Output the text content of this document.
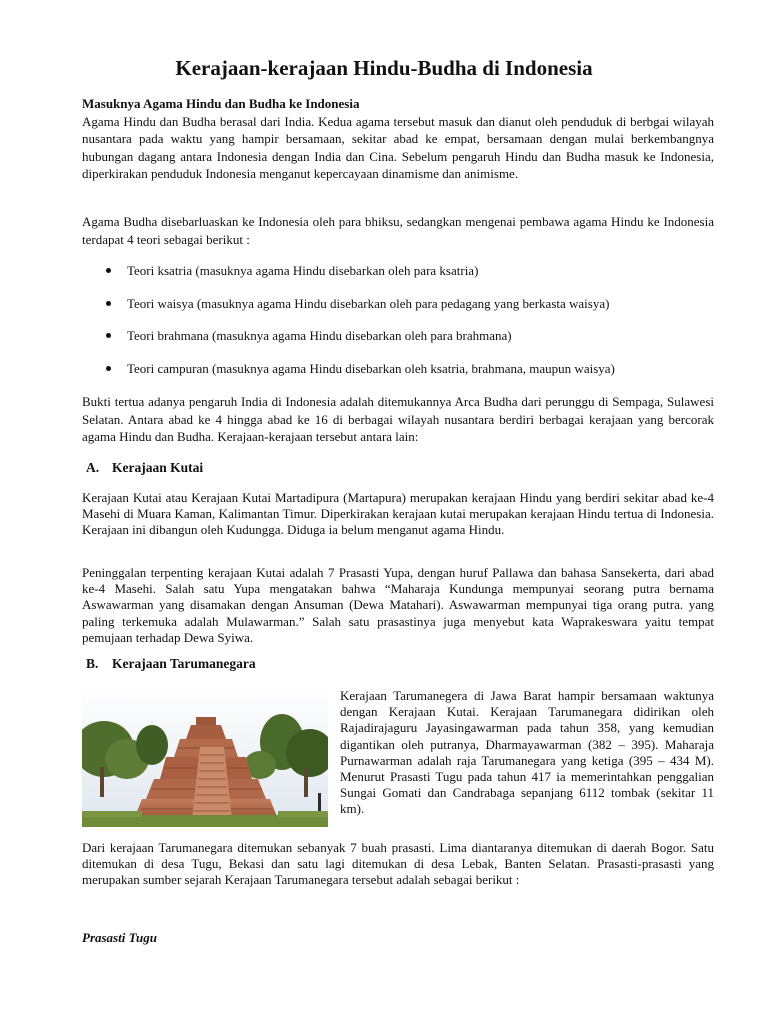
Kerajaan-kerajaan Hindu-Budha di Indonesia
Masuknya Agama Hindu dan Budha ke Indonesia
Agama Hindu dan Budha berasal dari India. Kedua agama tersebut masuk dan dianut oleh penduduk di berbgai wilayah nusantara pada waktu yang hampir bersamaan, sekitar abad ke empat, bersamaan dengan mulai berkembangnya hubungan dagang antara Indonesia dengan India dan Cina. Sebelum pengaruh Hindu dan Budha masuk ke Indonesia, diperkirakan penduduk Indonesia menganut kepercayaan dinamisme dan animisme.

Agama Budha disebarluaskan ke Indonesia oleh para bhiksu, sedangkan mengenai pembawa agama Hindu ke Indonesia terdapat 4 teori sebagai berikut :

Teori ksatria (masuknya agama Hindu disebarkan oleh para ksatria)
Teori waisya (masuknya agama Hindu disebarkan oleh para pedagang yang berkasta waisya)
Teori brahmana (masuknya agama Hindu disebarkan oleh para brahmana)
Teori campuran (masuknya agama Hindu disebarkan oleh ksatria, brahmana, maupun waisya)

Bukti tertua adanya pengaruh India di Indonesia adalah ditemukannya Arca Budha dari perunggu di Sempaga, Sulawesi Selatan. Antara abad ke 4 hingga abad ke 16 di berbagai wilayah nusantara berdiri berbagai kerajaan yang bercorak agama Hindu dan Budha. Kerajaan-kerajaan tersebut antara lain:

A. Kerajaan Kutai

Kerajaan Kutai atau Kerajaan Kutai Martadipura (Martapura) merupakan kerajaan Hindu yang berdiri sekitar abad ke-4 Masehi di Muara Kaman, Kalimantan Timur. Diperkirakan kerajaan kutai merupakan kerajaan Hindu tertua di Indonesia. Kerajaan ini dibangun oleh Kudungga. Diduga ia belum menganut agama Hindu.

Peninggalan terpenting kerajaan Kutai adalah 7 Prasasti Yupa, dengan huruf Pallawa dan bahasa Sansekerta, dari abad ke-4 Masehi. Salah satu Yupa mengatakan bahwa “Maharaja Kundunga mempunyai seorang putra bernama Aswawarman yang disamakan dengan Ansuman (Dewa Matahari). Aswawarman mempunyai tiga orang putra. yang paling terkemuka adalah Mulawarman.” Salah satu prasastinya juga menyebut kata Waprakeswara yaitu tempat pemujaan terhadap Dewa Syiwa.

B. Kerajaan Tarumanegara

Kerajaan Tarumanegera di Jawa Barat hampir bersamaan waktunya dengan Kerajaan Kutai. Kerajaan Tarumanegara didirikan oleh Rajadirajaguru Jayasingawarman pada tahun 358, yang kemudian digantikan oleh putranya, Dharmayawarman (382 – 395). Maharaja Purnawarman adalah raja Tarumanegara yang ketiga (395 – 434 M). Menurut Prasasti Tugu pada tahun 417 ia memerintahkan penggalian Sungai Gomati dan Candrabaga sepanjang 6112 tombak (sekitar 11 km).

Dari kerajaan Tarumanegara ditemukan sebanyak 7 buah prasasti. Lima diantaranya ditemukan di daerah Bogor. Satu ditemukan di desa Tugu, Bekasi dan satu lagi ditemukan di desa Lebak, Banten Selatan. Prasasti-prasasti yang merupakan sumber sejarah Kerajaan Tarumanegara tersebut adalah sebagai berikut :

Prasasti Tugu
